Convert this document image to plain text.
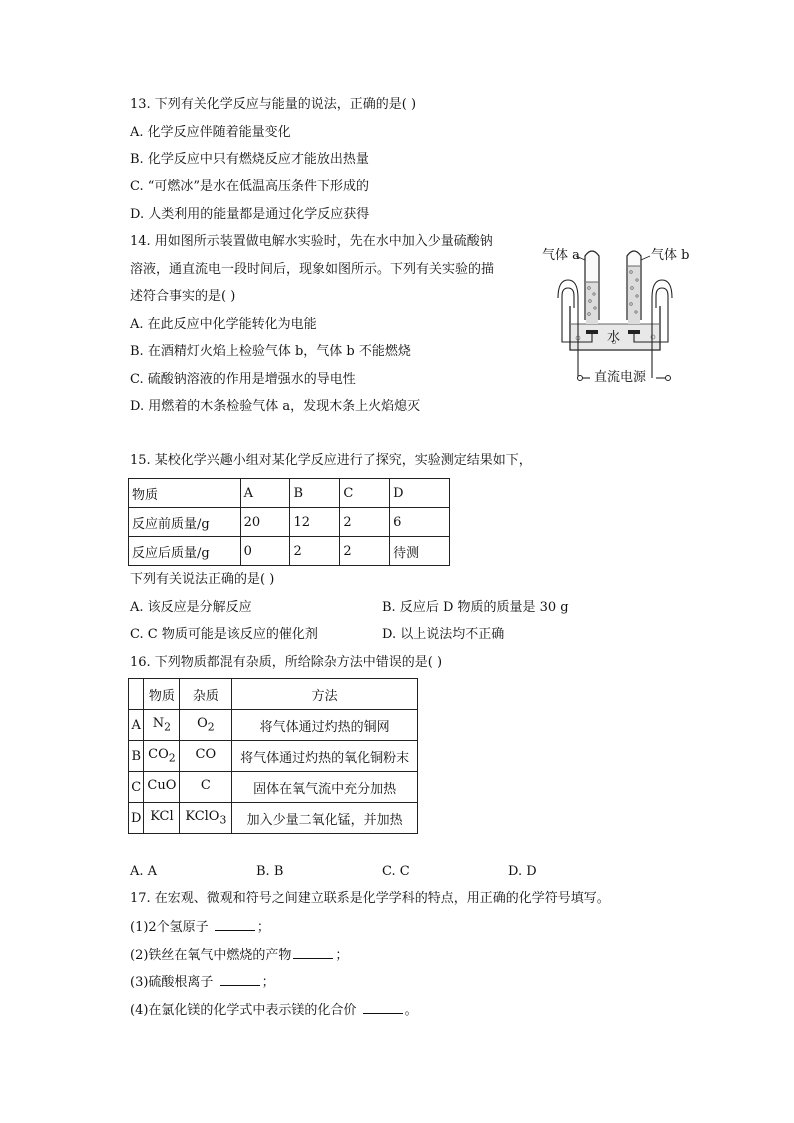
13. 下列有关化学反应与能量的说法，正确的是( )
A. 化学反应伴随着能量变化
B. 化学反应中只有燃烧反应才能放出热量
C. “可燃冰”是水在低温高压条件下形成的
D. 人类利用的能量都是通过化学反应获得
14. 用如图所示装置做电解水实验时，先在水中加入少量硫酸钠
溶液，通直流电一段时间后，现象如图所示。下列有关实验的描
述符合事实的是( )
A. 在此反应中化学能转化为电能
B. 在酒精灯火焰上检验气体 b，气体 b 不能燃烧
C. 硫酸钠溶液的作用是增强水的导电性
D. 用燃着的木条检验气体 a，发现木条上火焰熄灭
气体 a	气体 b
水
直流电源
15. 某校化学兴趣小组对某化学反应进行了探究，实验测定结果如下，
物质	A	B	C	D
反应前质量/g	20	12	2	6
反应后质量/g	0	2	2	待测
下列有关说法正确的是( )
A. 该反应是分解反应	B. 反应后 D 物质的质量是 30 g
C. C 物质可能是该反应的催化剂	D. 以上说法均不正确
16. 下列物质都混有杂质，所给除杂方法中错误的是( )
	物质	杂质	方法
A	$N_2$	$O_2$	将气体通过灼热的铜网
B	$CO_2$	CO	将气体通过灼热的氧化铜粉末
C	CuO	C	固体在氧气流中充分加热
D	KCl	KClO$_3$	加入少量二氧化锰，并加热
A. A	B. B	C. C	D. D
17. 在宏观、微观和符号之间建立联系是化学学科的特点，用正确的化学符号填写。
(1)2个氢原子	；
(2)铁丝在氧气中燃烧的产物	；
(3)硫酸根离子	；
(4)在氯化镁的化学式中表示镁的化合价	。
